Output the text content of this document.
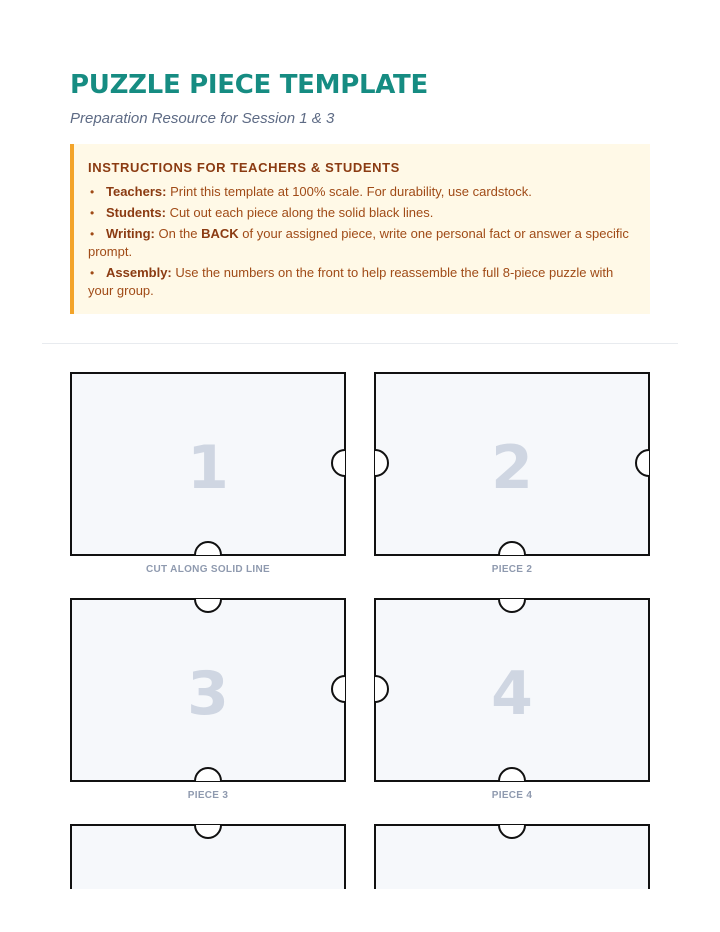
PUZZLE PIECE TEMPLATE

Preparation Resource for Session 1 & 3

INSTRUCTIONS FOR TEACHERS & STUDENTS

• Teachers: Print this template at 100% scale. For durability, use cardstock.
• Students: Cut out each piece along the solid black lines.
• Writing: On the BACK of your assigned piece, write one personal fact or answer a specific prompt.
• Assembly: Use the numbers on the front to help reassemble the full 8-piece puzzle with your group.
1	2
3	4
CUT ALONG SOLID LINE	PIECE 2
PIECE 3	PIECE 4
